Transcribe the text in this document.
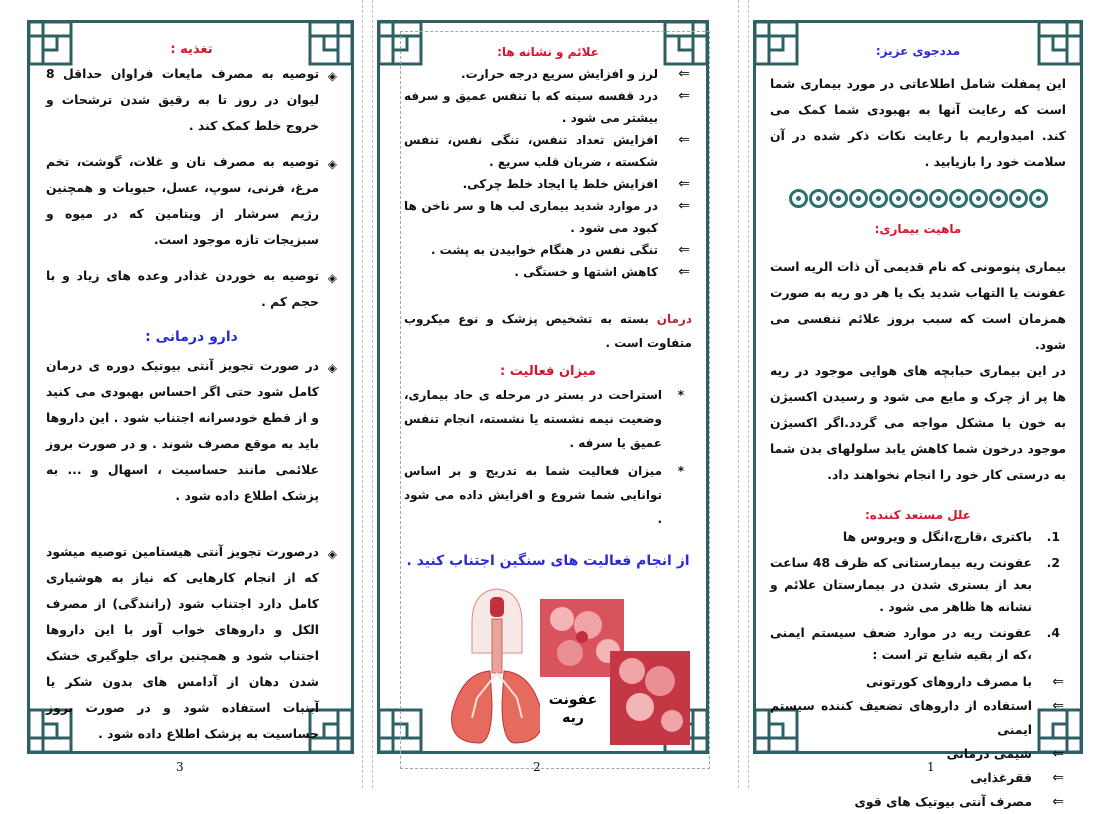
تغذیه :
◈
توصیه به مصرف مایعات فراوان حداقل 8 لیوان در روز تا به رقیق شدن ترشحات و خروج خلط کمک کند .
◈
توصیه به مصرف نان و غلات، گوشت، تخم مرغ، فرنی، سوپ، عسل، حبوبات و همچنین رژیم سرشار از ویتامین که در میوه و سبزیجات تازه موجود است.
◈
توصیه به خوردن غذادر وعده های زیاد و با حجم کم .
دارو درمانی :
◈
در صورت تجویز آنتی بیوتیک دوره ی درمان کامل شود حتی اگر احساس بهبودی می کنید و از قطع خودسرانه اجتناب شود . این داروها باید به موقع مصرف شوند . و در صورت بروز علائمی مانند حساسیت ، اسهال و ... به پزشک اطلاع داده شود .
◈
درصورت تجویز آنتی هیستامین توصیه میشود که از انجام کارهایی که نیاز به هوشیاری کامل دارد اجتناب شود (رانندگی) از مصرف الکل و داروهای خواب آور با این داروها اجتناب شود و همچنین برای جلوگیری خشک شدن دهان از آدامس های بدون شکر یا آبنبات استفاده شود و در صورت بروز حساسیت به پزشک اطلاع داده شود .
3
علائم و نشانه ها:
⇐
لرز و افزایش سریع درجه حرارت.
⇐
درد قفسه سینه که با تنفس عمیق و سرفه بیشتر می شود .
⇐
افزایش تعداد تنفس، تنگی نفس، تنفس شکسته ، ضربان قلب سریع .
⇐
افزایش خلط یا ایجاد خلط چرکی.
⇐
در موارد شدید بیماری لب ها و سر ناخن ها کبود می شود .
⇐
تنگی نفس در هنگام خوابیدن به پشت .
⇐
کاهش اشتها و خستگی .
درمان بسته به تشخیص پزشک و نوع میکروب متفاوت است .
میزان فعالیت :
*
استراحت در بستر در مرحله ی حاد بیماری، وضعیت نیمه نشسته یا نشسته، انجام تنفس عمیق یا سرفه .
*
میزان فعالیت شما به تدریج و بر اساس توانایی شما شروع و افزایش داده می شود .
از انجام فعالیت های سنگین اجتناب کنید .
عفونت
ریه
2
مددجوی عزیز:
این پمفلت شامل اطلاعاتی در مورد بیماری شما است که رعایت آنها به بهبودی شما کمک می کند. امیدواریم با رعایت نکات ذکر شده در آن سلامت خود را بازیابید .
ماهیت بیماری:
بیماری پنومونی که نام قدیمی آن ذات الریه است عفونت یا التهاب شدید یک یا هر دو ریه به صورت همزمان است که سبب بروز علائم تنفسی می شود.
در این بیماری حبابچه های هوایی موجود در ریه ها پر از چرک و مایع می شود و رسیدن اکسیژن به خون با مشکل مواجه می گردد.اگر اکسیژن موجود درخون شما کاهش یابد سلولهای بدن شما به درستی کار خود را انجام نخواهند داد.
علل مستعد کننده:
1.
باکتری ،قارچ،انگل و ویروس ها
2.
عفونت ریه بیمارستانی که ظرف 48 ساعت بعد از بستری شدن در بیمارستان علائم و نشانه ها ظاهر می شود .
4.
عفونت ریه در موارد ضعف سیستم ایمنی ،که از بقیه شایع تر است :
⇐
با مصرف داروهای کورتونی
⇐
استفاده از داروهای تضعیف کننده سیستم ایمنی
⇐
شیمی درمانی
⇐
فقرغذایی
⇐
مصرف آنتی بیوتیک های قوی
1
